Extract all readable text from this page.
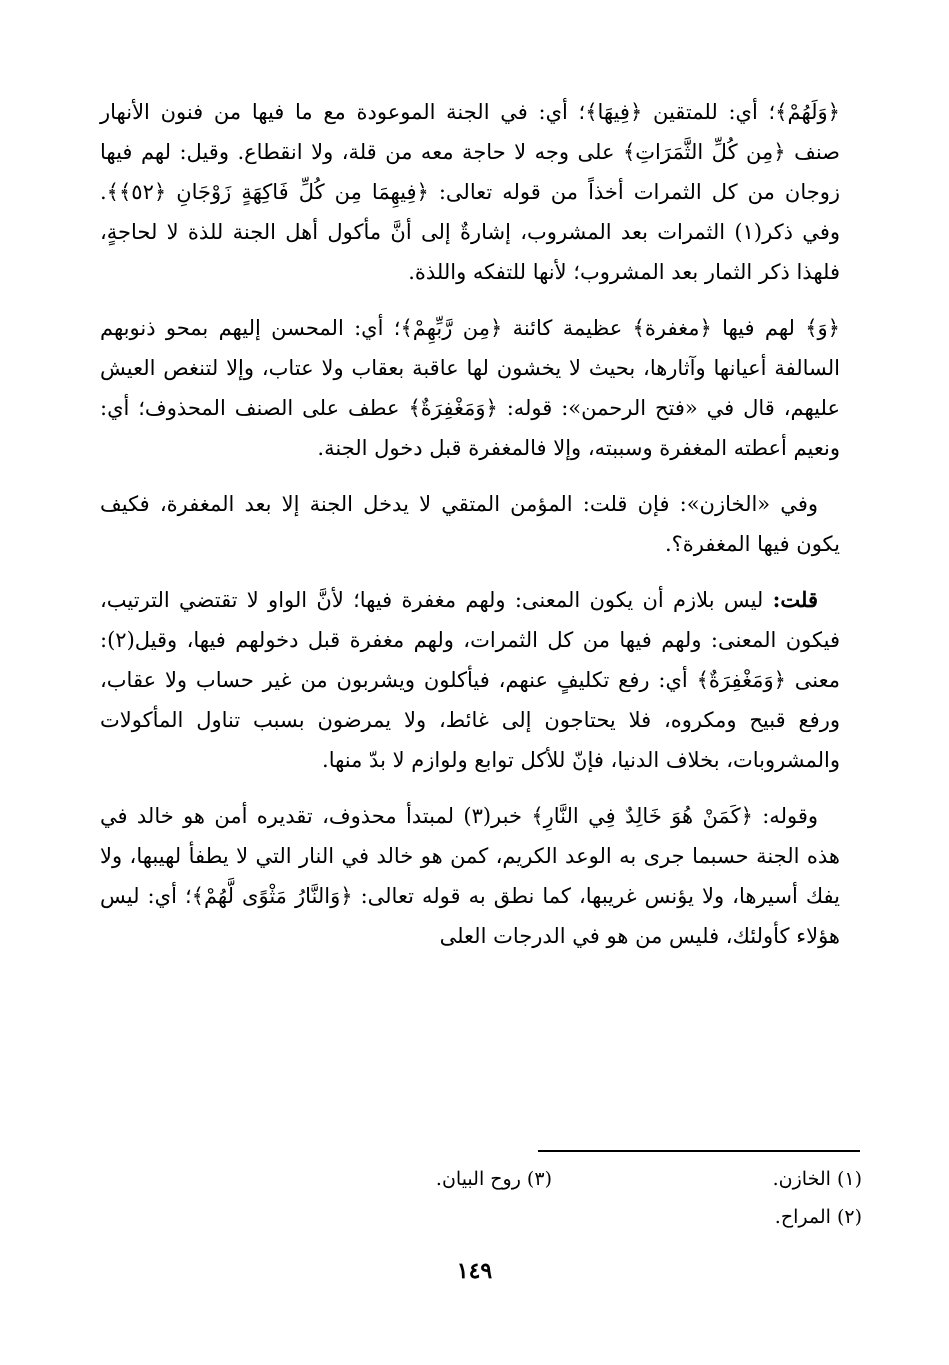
﴿وَلَهُمْ﴾؛ أي: للمتقين ﴿فِيهَا﴾؛ أي: في الجنة الموعودة مع ما فيها من فنون الأنهار صنف ﴿مِن كُلِّ الثَّمَرَاتِ﴾ على وجه لا حاجة معه من قلة، ولا انقطاع. وقيل: لهم فيها زوجان من كل الثمرات أخذاً من قوله تعالى: ﴿فِيهِمَا مِن كُلِّ فَاكِهَةٍ زَوْجَانِ ﴿٥٢﴾﴾. وفي ذكر(١) الثمرات بعد المشروب، إشارةٌ إلى أنَّ مأكول أهل الجنة للذة لا لحاجةٍ، فلهذا ذكر الثمار بعد المشروب؛ لأنها للتفكه واللذة.

﴿وَ﴾ لهم فيها ﴿مغفرة﴾ عظيمة كائنة ﴿مِن رَّبِّهِمْ﴾؛ أي: المحسن إليهم بمحو ذنوبهم السالفة أعيانها وآثارها، بحيث لا يخشون لها عاقبة بعقاب ولا عتاب، وإلا لتنغص العيش عليهم، قال في «فتح الرحمن»: قوله: ﴿وَمَغْفِرَةٌ﴾ عطف على الصنف المحذوف؛ أي: ونعيم أعطته المغفرة وسببته، وإلا فالمغفرة قبل دخول الجنة.

وفي «الخازن»: فإن قلت: المؤمن المتقي لا يدخل الجنة إلا بعد المغفرة، فكيف يكون فيها المغفرة؟.

قلت: ليس بلازم أن يكون المعنى: ولهم مغفرة فيها؛ لأنَّ الواو لا تقتضي الترتيب، فيكون المعنى: ولهم فيها من كل الثمرات، ولهم مغفرة قبل دخولهم فيها، وقيل(٢): معنى ﴿وَمَغْفِرَةٌ﴾ أي: رفع تكليفٍ عنهم، فيأكلون ويشربون من غير حساب ولا عقاب، ورفع قبيح ومكروه، فلا يحتاجون إلى غائط، ولا يمرضون بسبب تناول المأكولات والمشروبات، بخلاف الدنيا، فإنّ للأكل توابع ولوازم لا بدّ منها.

وقوله: ﴿كَمَنْ هُوَ خَالِدٌ فِي النَّارِ﴾ خبر(٣) لمبتدأ محذوف، تقديره أمن هو خالد في هذه الجنة حسبما جرى به الوعد الكريم، كمن هو خالد في النار التي لا يطفأ لهيبها، ولا يفك أسيرها، ولا يؤنس غريبها، كما نطق به قوله تعالى: ﴿وَالنَّارُ مَثْوًى لَّهُمْ﴾؛ أي: ليس هؤلاء كأولئك، فليس من هو في الدرجات العلى

(١) الخازن.
(٢) المراح.
(٣) روح البيان.
١٤٩
